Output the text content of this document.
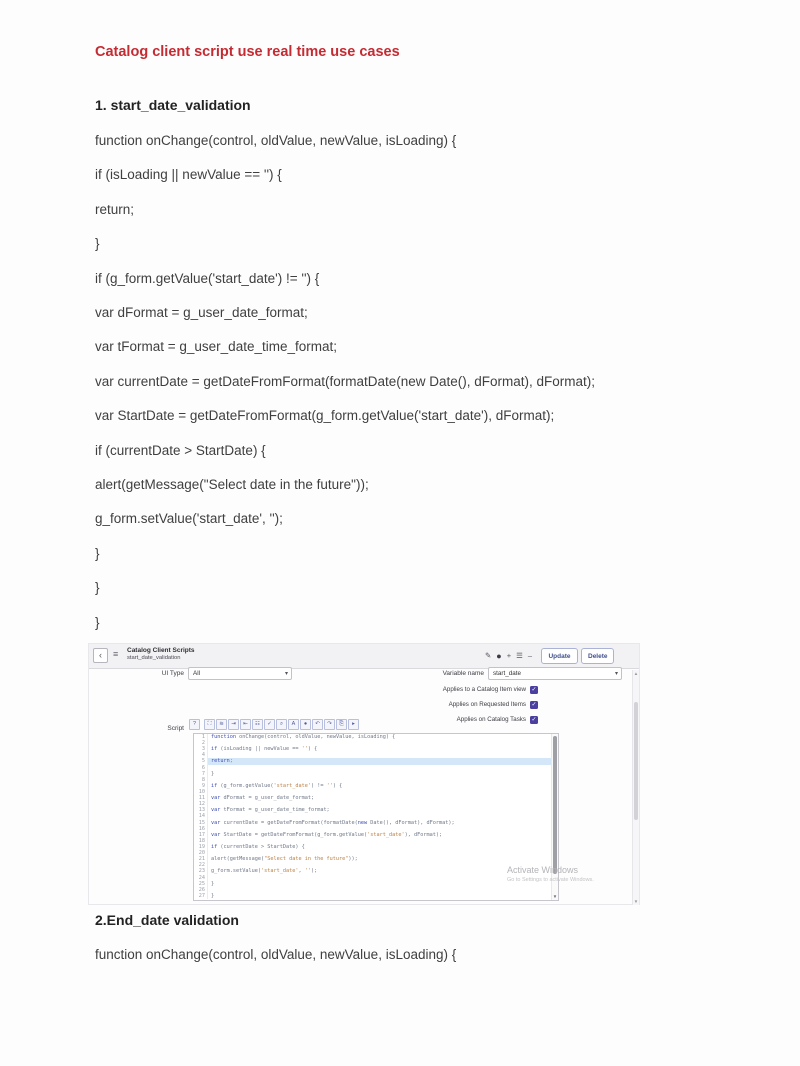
Catalog client script use real time use cases
1. start_date_validation
function onChange(control, oldValue, newValue, isLoading) {
if (isLoading || newValue == '') {
return;
}
if (g_form.getValue('start_date') != '') {
var dFormat = g_user_date_format;
var tFormat = g_user_date_time_format;
var currentDate = getDateFromFormat(formatDate(new Date(), dFormat), dFormat);
var StartDate = getDateFromFormat(g_form.getValue('start_date'), dFormat);
if (currentDate > StartDate) {
alert(getMessage("Select date in the future"));
g_form.setValue('start_date', '');
}
}
}
‹	≡ Catalog Client Scripts
start_date_validation	✎ ● + ☰ –	Update	Delete
UI Type	All	▾	Variable name	start_date	▾
Applies to a Catalog Item view ✓
Applies on Requested Items ✓
Applies on Catalog Tasks ✓
Script
?	⛶	≋	⇥	⇤	☷	✓	⌕	A	●	↶	↷	⎘	▸
▼
1	function onChange(control, oldValue, newValue, isLoading) {
2
3	if (isLoading || newValue == '') {
4
5	return;
6
7	}
8
9	if (g_form.getValue('start_date') != '') {
10
11	var dFormat = g_user_date_format;
12
13	var tFormat = g_user_date_time_format;
14
15	var currentDate = getDateFromFormat(formatDate(new Date(), dFormat), dFormat);
16
17	var StartDate = getDateFromFormat(g_form.getValue('start_date'), dFormat);
18
19	if (currentDate > StartDate) {
20
21	alert(getMessage("Select date in the future"));
22
23	g_form.setValue('start_date', '');
24
25	}
26
27	}
Activate Windows
Go to Settings to activate Windows.
▲
▼
2.End_date validation
function onChange(control, oldValue, newValue, isLoading) {
